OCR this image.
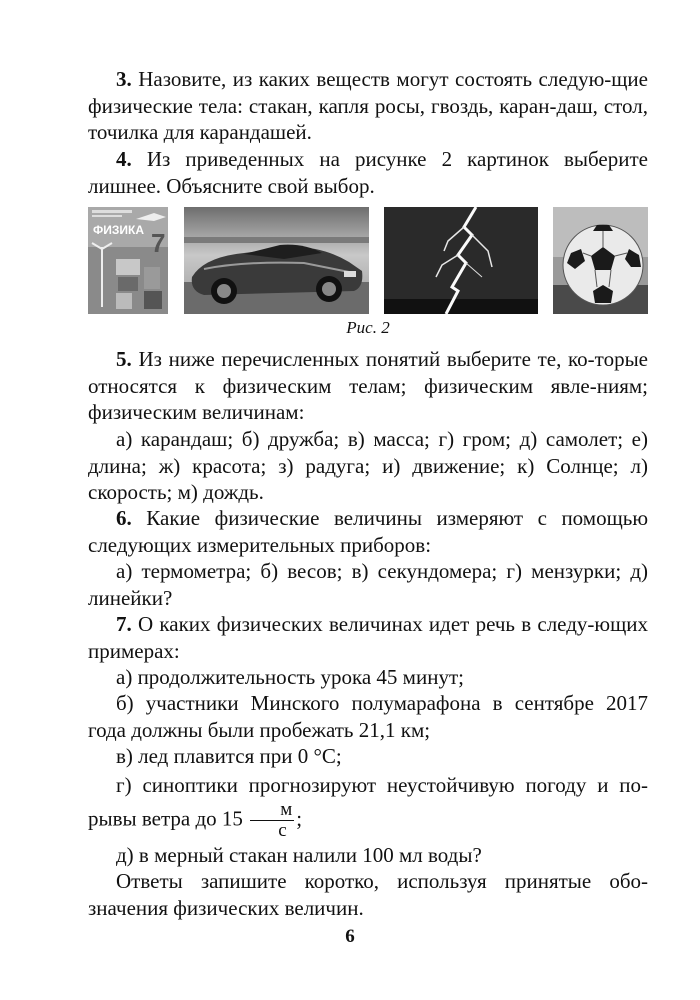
3. Назовите, из каких веществ могут состоять следую-щие физические тела: стакан, капля росы, гвоздь, каран-даш, стол, точилка для карандашей.
4. Из приведенных на рисунке 2 картинок выберите лишнее. Объясните свой выбор.
ФИЗИКА 7
Рис. 2
5. Из ниже перечисленных понятий выберите те, ко-торые относятся к физическим телам; физическим явле-ниям; физическим величинам:
а) карандаш; б) дружба; в) масса; г) гром; д) самолет; е) длина; ж) красота; з) радуга; и) движение; к) Солнце; л) скорость; м) дождь.
6. Какие физические величины измеряют с помощью следующих измерительных приборов:
а) термометра; б) весов; в) секундомера; г) мензурки; д) линейки?
7. О каких физических величинах идет речь в следу-ющих примерах:
а) продолжительность урока 45 минут;
б) участники Минского полумарафона в сентябре 2017 года должны были пробежать 21,1 км;
в) лед плавится при 0 °С;
г) синоптики прогнозируют неустойчивую погоду и по-рывы ветра до $15 \frac{м}{с}$ ;
д) в мерный стакан налили 100 мл воды?
Ответы запишите коротко, используя принятые обо-значения физических величин.
6
